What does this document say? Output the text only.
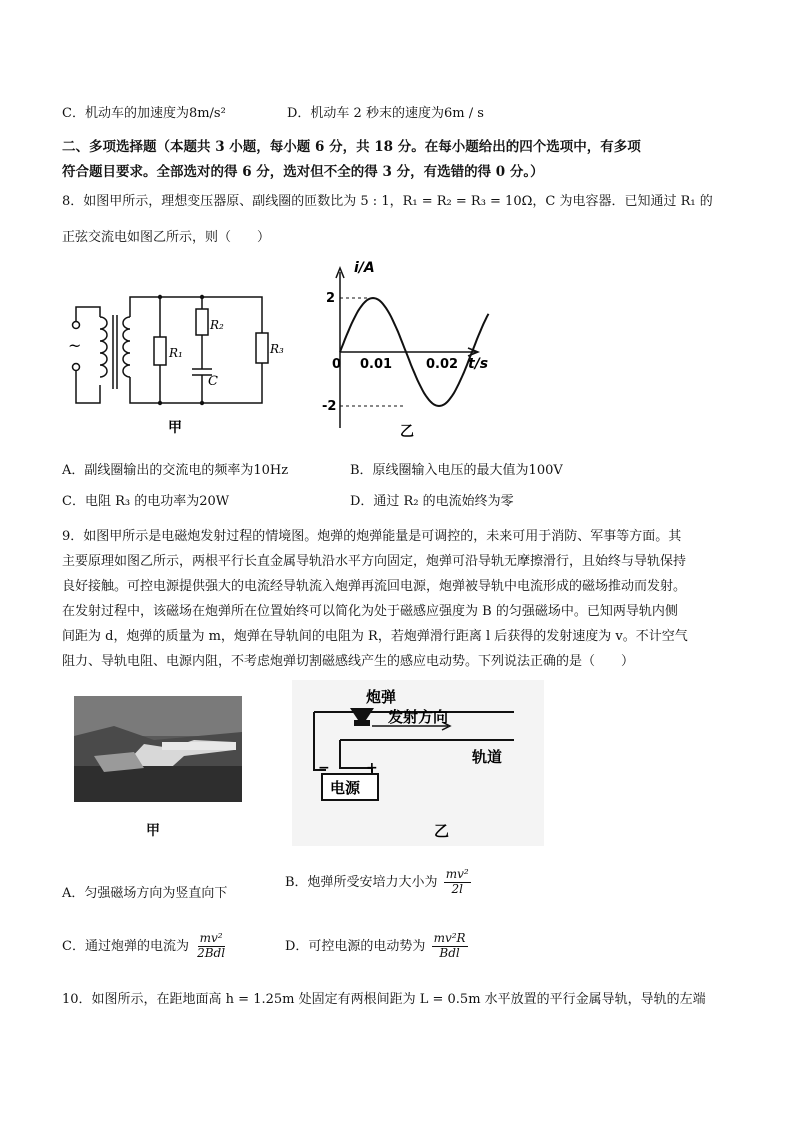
C．机动车的加速度为8m/s²	D．机动车 2 秒末的速度为6m / s
二、多项选择题（本题共 3 小题，每小题 6 分，共 18 分。在每小题给出的四个选项中，有多项
符合题目要求。全部选对的得 6 分，选对但不全的得 3 分，有选错的得 0 分。）
8．如图甲所示，理想变压器原、副线圈的匝数比为 5 : 1，R₁ = R₂ = R₃ = 10Ω，C 为电容器．已知通过 R₁ 的
正弦交流电如图乙所示，则（　　）
~	R₁
R₂
C
R₃
甲
i/A
t/s
2
-2
0 0.01	0.02
乙
A．副线圈输出的交流电的频率为10Hz	B．原线圈输入电压的最大值为100V
C．电阻 R₃ 的电功率为20W	D．通过 R₂ 的电流始终为零
9．如图甲所示是电磁炮发射过程的情境图。炮弹的炮弹能量是可调控的，未来可用于消防、军事等方面。其
主要原理如图乙所示，两根平行长直金属导轨沿水平方向固定，炮弹可沿导轨无摩擦滑行，且始终与导轨保持
良好接触。可控电源提供强大的电流经导轨流入炮弹再流回电源，炮弹被导轨中电流形成的磁场推动而发射。
在发射过程中，该磁场在炮弹所在位置始终可以简化为处于磁感应强度为 B 的匀强磁场中。已知两导轨内侧
间距为 d，炮弹的质量为 m，炮弹在导轨间的电阻为 R，若炮弹滑行距离 l 后获得的发射速度为 v。不计空气
阻力、导轨电阻、电源内阻，不考虑炮弹切割磁感线产生的感应电动势。下列说法正确的是（　　）
甲
电源
−	+
炮弹
发射方向
轨道
乙
A．匀强磁场方向为竖直向下
B．炮弹所受安培力大小为 $\frac{\text{mv²}}{2l}$
C．通过炮弹的电流为 $\frac{\text{mv²}}{\text{2Bdl}}$	D．可控电源的电动势为 $\frac{\text{mv²R}}{\text{Bdl}}$
10．如图所示，在距地面高 h = 1.25m 处固定有两根间距为 L = 0.5m 水平放置的平行金属导轨，导轨的左端
